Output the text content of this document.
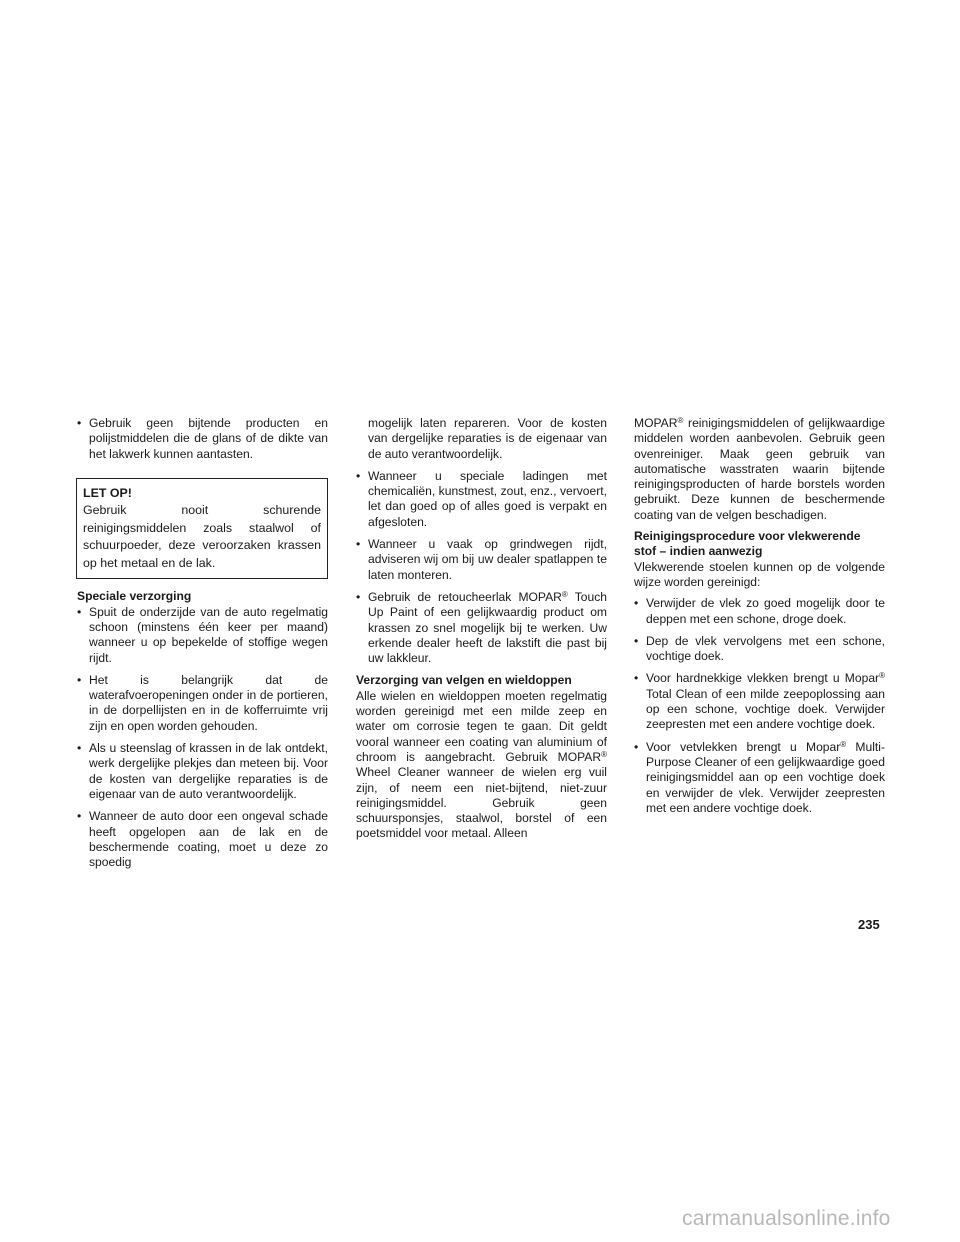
• Gebruik geen bijtende producten en polijstmiddelen die de glans of de dikte van het lakwerk kunnen aantasten.
LET OP!
Gebruik nooit schurende reinigingsmiddelen zoals staalwol of schuurpoeder, deze veroorzaken krassen op het metaal en de lak.
Speciale verzorging
• Spuit de onderzijde van de auto regelmatig schoon (minstens één keer per maand) wanneer u op bepekelde of stoffige wegen rijdt.
• Het is belangrijk dat de waterafvoeropeningen onder in de portieren, in de dorpellijsten en in de kofferruimte vrij zijn en open worden gehouden.
• Als u steenslag of krassen in de lak ontdekt, werk dergelijke plekjes dan meteen bij. Voor de kosten van dergelijke reparaties is de eigenaar van de auto verantwoordelijk.
• Wanneer de auto door een ongeval schade heeft opgelopen aan de lak en de beschermende coating, moet u deze zo spoedig
mogelijk laten repareren. Voor de kosten van dergelijke reparaties is de eigenaar van de auto verantwoordelijk.
• Wanneer u speciale ladingen met chemicaliën, kunstmest, zout, enz., vervoert, let dan goed op of alles goed is verpakt en afgesloten.
• Wanneer u vaak op grindwegen rijdt, adviseren wij om bij uw dealer spatlappen te laten monteren.
• Gebruik de retoucheerlak MOPAR® Touch Up Paint of een gelijkwaardig product om krassen zo snel mogelijk bij te werken. Uw erkende dealer heeft de lakstift die past bij uw lakkleur.
Verzorging van velgen en wieldoppen
Alle wielen en wieldoppen moeten regelmatig worden gereinigd met een milde zeep en water om corrosie tegen te gaan. Dit geldt vooral wanneer een coating van aluminium of chroom is aangebracht. Gebruik MOPAR® Wheel Cleaner wanneer de wielen erg vuil zijn, of neem een niet-bijtend, niet-zuur reinigingsmiddel. Gebruik geen schuursponsjes, staalwol, borstel of een poetsmiddel voor metaal. Alleen
MOPAR® reinigingsmiddelen of gelijkwaardige middelen worden aanbevolen. Gebruik geen ovenreiniger. Maak geen gebruik van automatische wasstraten waarin bijtende reinigingsproducten of harde borstels worden gebruikt. Deze kunnen de beschermende coating van de velgen beschadigen.
Reinigingsprocedure voor vlekwerende
stof – indien aanwezig
Vlekwerende stoelen kunnen op de volgende wijze worden gereinigd:
• Verwijder de vlek zo goed mogelijk door te deppen met een schone, droge doek.
• Dep de vlek vervolgens met een schone, vochtige doek.
• Voor hardnekkige vlekken brengt u Mopar® Total Clean of een milde zeepoplossing aan op een schone, vochtige doek. Verwijder zeepresten met een andere vochtige doek.
• Voor vetvlekken brengt u Mopar® Multi-Purpose Cleaner of een gelijkwaardige goed reinigingsmiddel aan op een vochtige doek en verwijder de vlek. Verwijder zeepresten met een andere vochtige doek.
235
carmanualsonline.info
